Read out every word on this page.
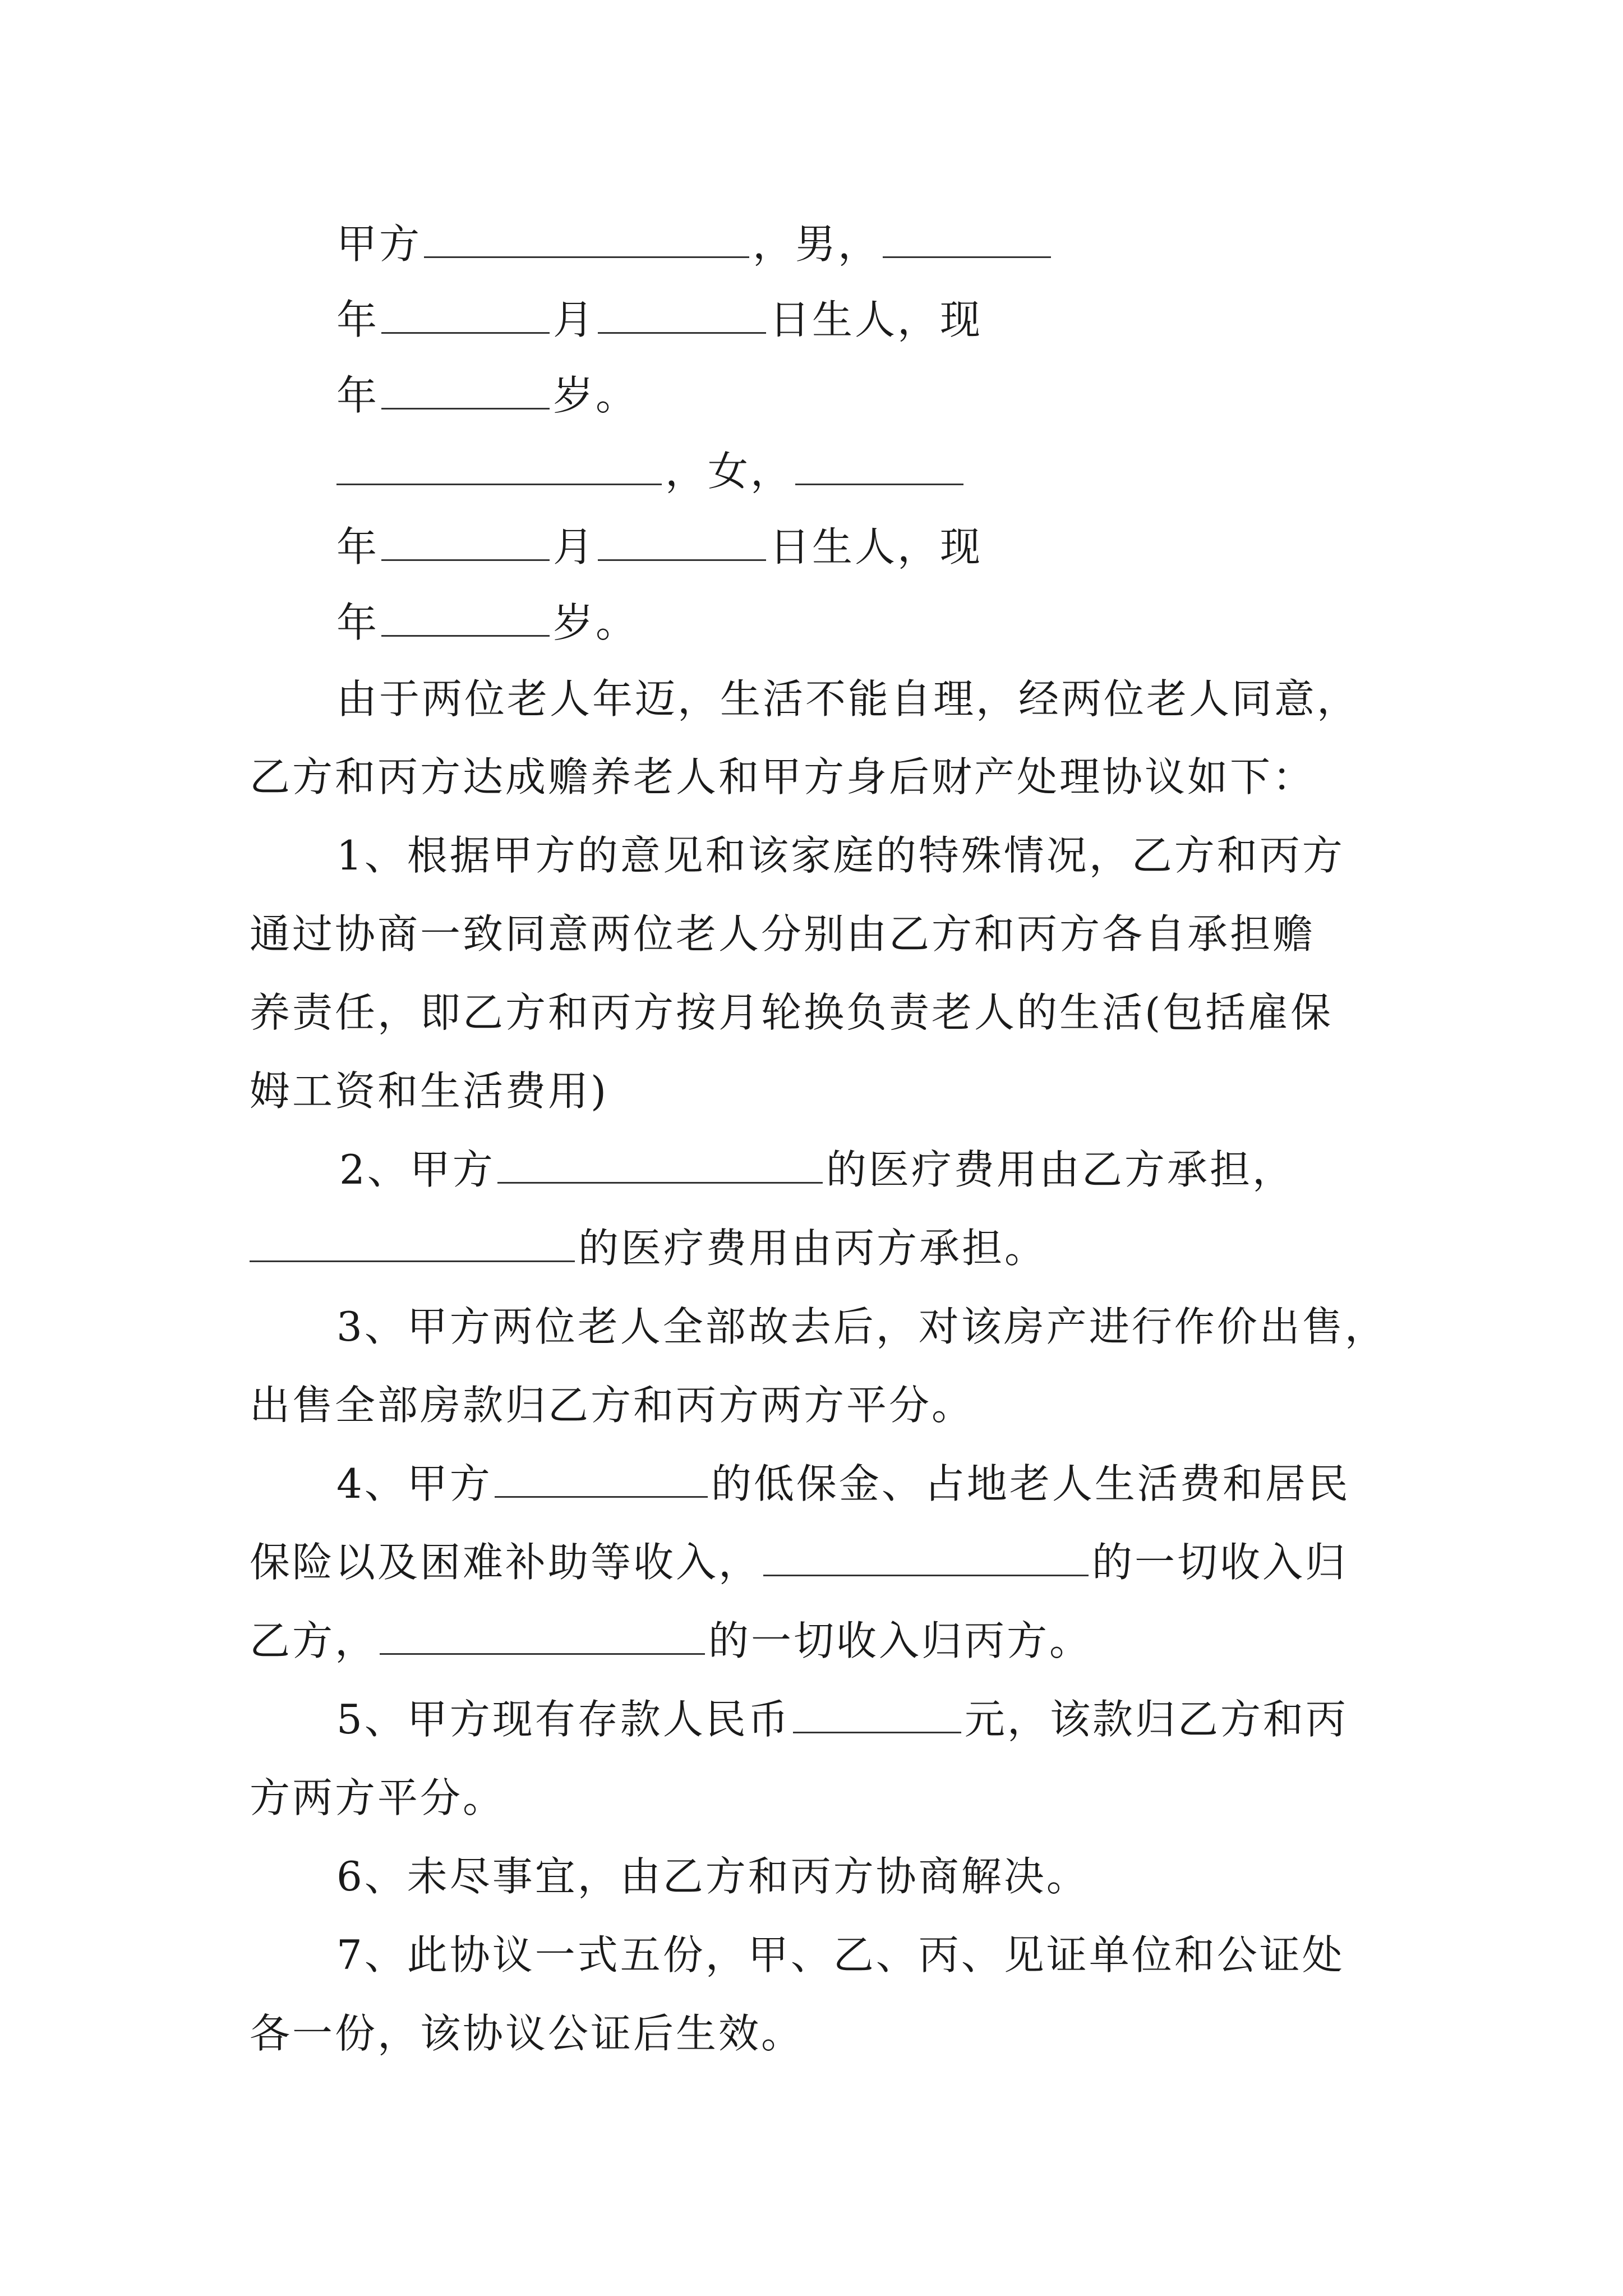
甲方	，男，
年	月	日生人，现
年	岁。
，女，
年	月	日生人，现
年	岁。
由于两位老人年迈，生活不能自理，经两位老人同意，
乙方和丙方达成赡养老人和甲方身后财产处理协议如下：
1、根据甲方的意见和该家庭的特殊情况，乙方和丙方
通过协商一致同意两位老人分别由乙方和丙方各自承担赡
养责任，即乙方和丙方按月轮换负责老人的生活(包括雇保
姆工资和生活费用)
2、甲方	的医疗费用由乙方承担，
的医疗费用由丙方承担。
3、甲方两位老人全部故去后，对该房产进行作价出售，
出售全部房款归乙方和丙方两方平分。
4、甲方	的低保金、占地老人生活费和居民
保险以及困难补助等收入，	的一切收入归
乙方，	的一切收入归丙方。
5、甲方现有存款人民币	元，该款归乙方和丙
方两方平分。
6、未尽事宜，由乙方和丙方协商解决。
7、此协议一式五份，甲、乙、丙、见证单位和公证处
各一份，该协议公证后生效。
